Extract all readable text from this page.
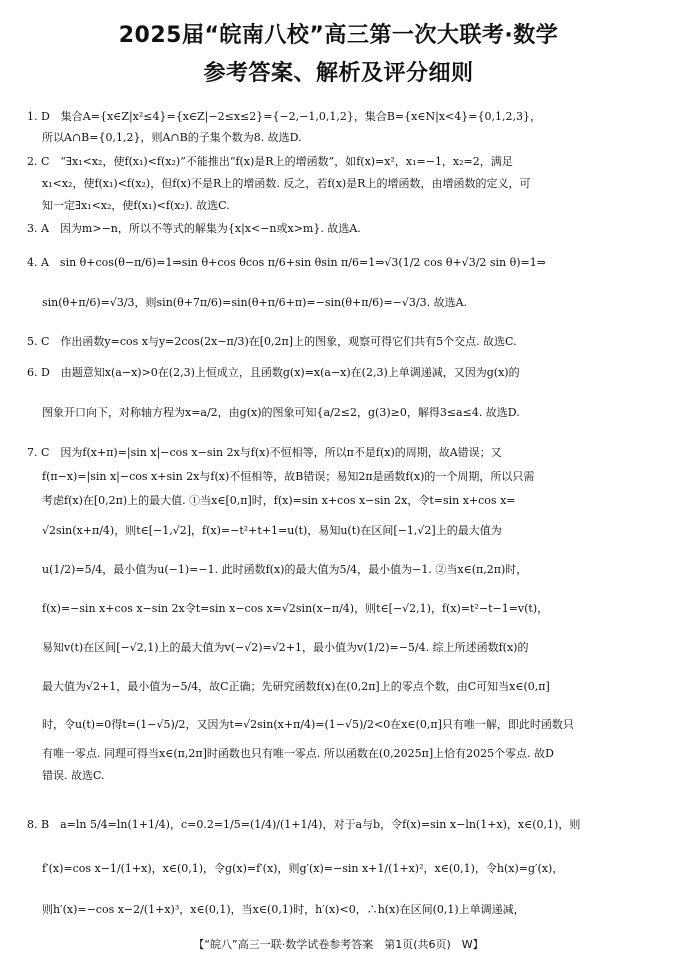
2025届“皖南八校”高三第一次大联考·数学
参考答案、解析及评分细则
1. D　集合A={x∈Z|x²≤4}={x∈Z|−2≤x≤2}={−2,−1,0,1,2}，集合B={x∈N|x<4}={0,1,2,3}，
所以A∩B={0,1,2}，则A∩B的子集个数为8. 故选D.
2. C　“∃x₁<x₂，使f(x₁)<f(x₂)”不能推出“f(x)是R上的增函数”，如f(x)=x²，x₁=−1，x₂=2，满足
x₁<x₂，使f(x₁)<f(x₂)，但f(x)不是R上的增函数. 反之，若f(x)是R上的增函数，由增函数的定义，可
知一定∃x₁<x₂，使f(x₁)<f(x₂). 故选C.
3. A　因为m>−n，所以不等式的解集为{x|x<−n或x>m}. 故选A.
4. A　sin θ+cos(θ−π/6)=1⇒sin θ+cos θcos π/6+sin θsin π/6=1⇒√3(1/2 cos θ+√3/2 sin θ)=1⇒
sin(θ+π/6)=√3/3，则sin(θ+7π/6)=sin(θ+π/6+π)=−sin(θ+π/6)=−√3/3. 故选A.
5. C　作出函数y=cos x与y=2cos(2x−π/3)在[0,2π]上的图象，观察可得它们共有5个交点. 故选C.
6. D　由题意知x(a−x)>0在(2,3)上恒成立，且函数g(x)=x(a−x)在(2,3)上单调递减，又因为g(x)的
图象开口向下，对称轴方程为x=a/2，由g(x)的图象可知{a/2≤2，g(3)≥0，解得3≤a≤4. 故选D.
7. C　因为f(x+π)=|sin x|−cos x−sin 2x与f(x)不恒相等，所以π不是f(x)的周期，故A错误；又
f(π−x)=|sin x|−cos x+sin 2x与f(x)不恒相等，故B错误；易知2π是函数f(x)的一个周期，所以只需
考虑f(x)在[0,2π)上的最大值. ①当x∈[0,π]时，f(x)=sin x+cos x−sin 2x，令t=sin x+cos x=
√2sin(x+π/4)，则t∈[−1,√2]，f(x)=−t²+t+1=u(t)，易知u(t)在区间[−1,√2]上的最大值为
u(1/2)=5/4，最小值为u(−1)=−1. 此时函数f(x)的最大值为5/4，最小值为−1. ②当x∈(π,2π)时，
f(x)=−sin x+cos x−sin 2x令t=sin x−cos x=√2sin(x−π/4)，则t∈[−√2,1)，f(x)=t²−t−1=v(t)，
易知v(t)在区间[−√2,1)上的最大值为v(−√2)=√2+1，最小值为v(1/2)=−5/4. 综上所述函数f(x)的
最大值为√2+1，最小值为−5/4，故C正确；先研究函数f(x)在(0,2π]上的零点个数，由C可知当x∈(0,π]
时，令u(t)=0得t=(1−√5)/2，又因为t=√2sin(x+π/4)=(1−√5)/2<0在x∈(0,π]只有唯一解，即此时函数只
有唯一零点. 同理可得当x∈(π,2π]时函数也只有唯一零点. 所以函数在(0,2025π]上恰有2025个零点. 故D
错误. 故选C.
8. B　a=ln 5/4=ln(1+1/4)，c=0.2=1/5=(1/4)/(1+1/4)，对于a与b，令f(x)=sin x−ln(1+x)，x∈(0,1)，则
f′(x)=cos x−1/(1+x)，x∈(0,1)，令g(x)=f′(x)，则g′(x)=−sin x+1/(1+x)²，x∈(0,1)，令h(x)=g′(x)，
则h′(x)=−cos x−2/(1+x)³，x∈(0,1)，当x∈(0,1)时，h′(x)<0，∴h(x)在区间(0,1)上单调递减，
【“皖八”高三一联·数学试卷参考答案　第1页(共6页)　W】
